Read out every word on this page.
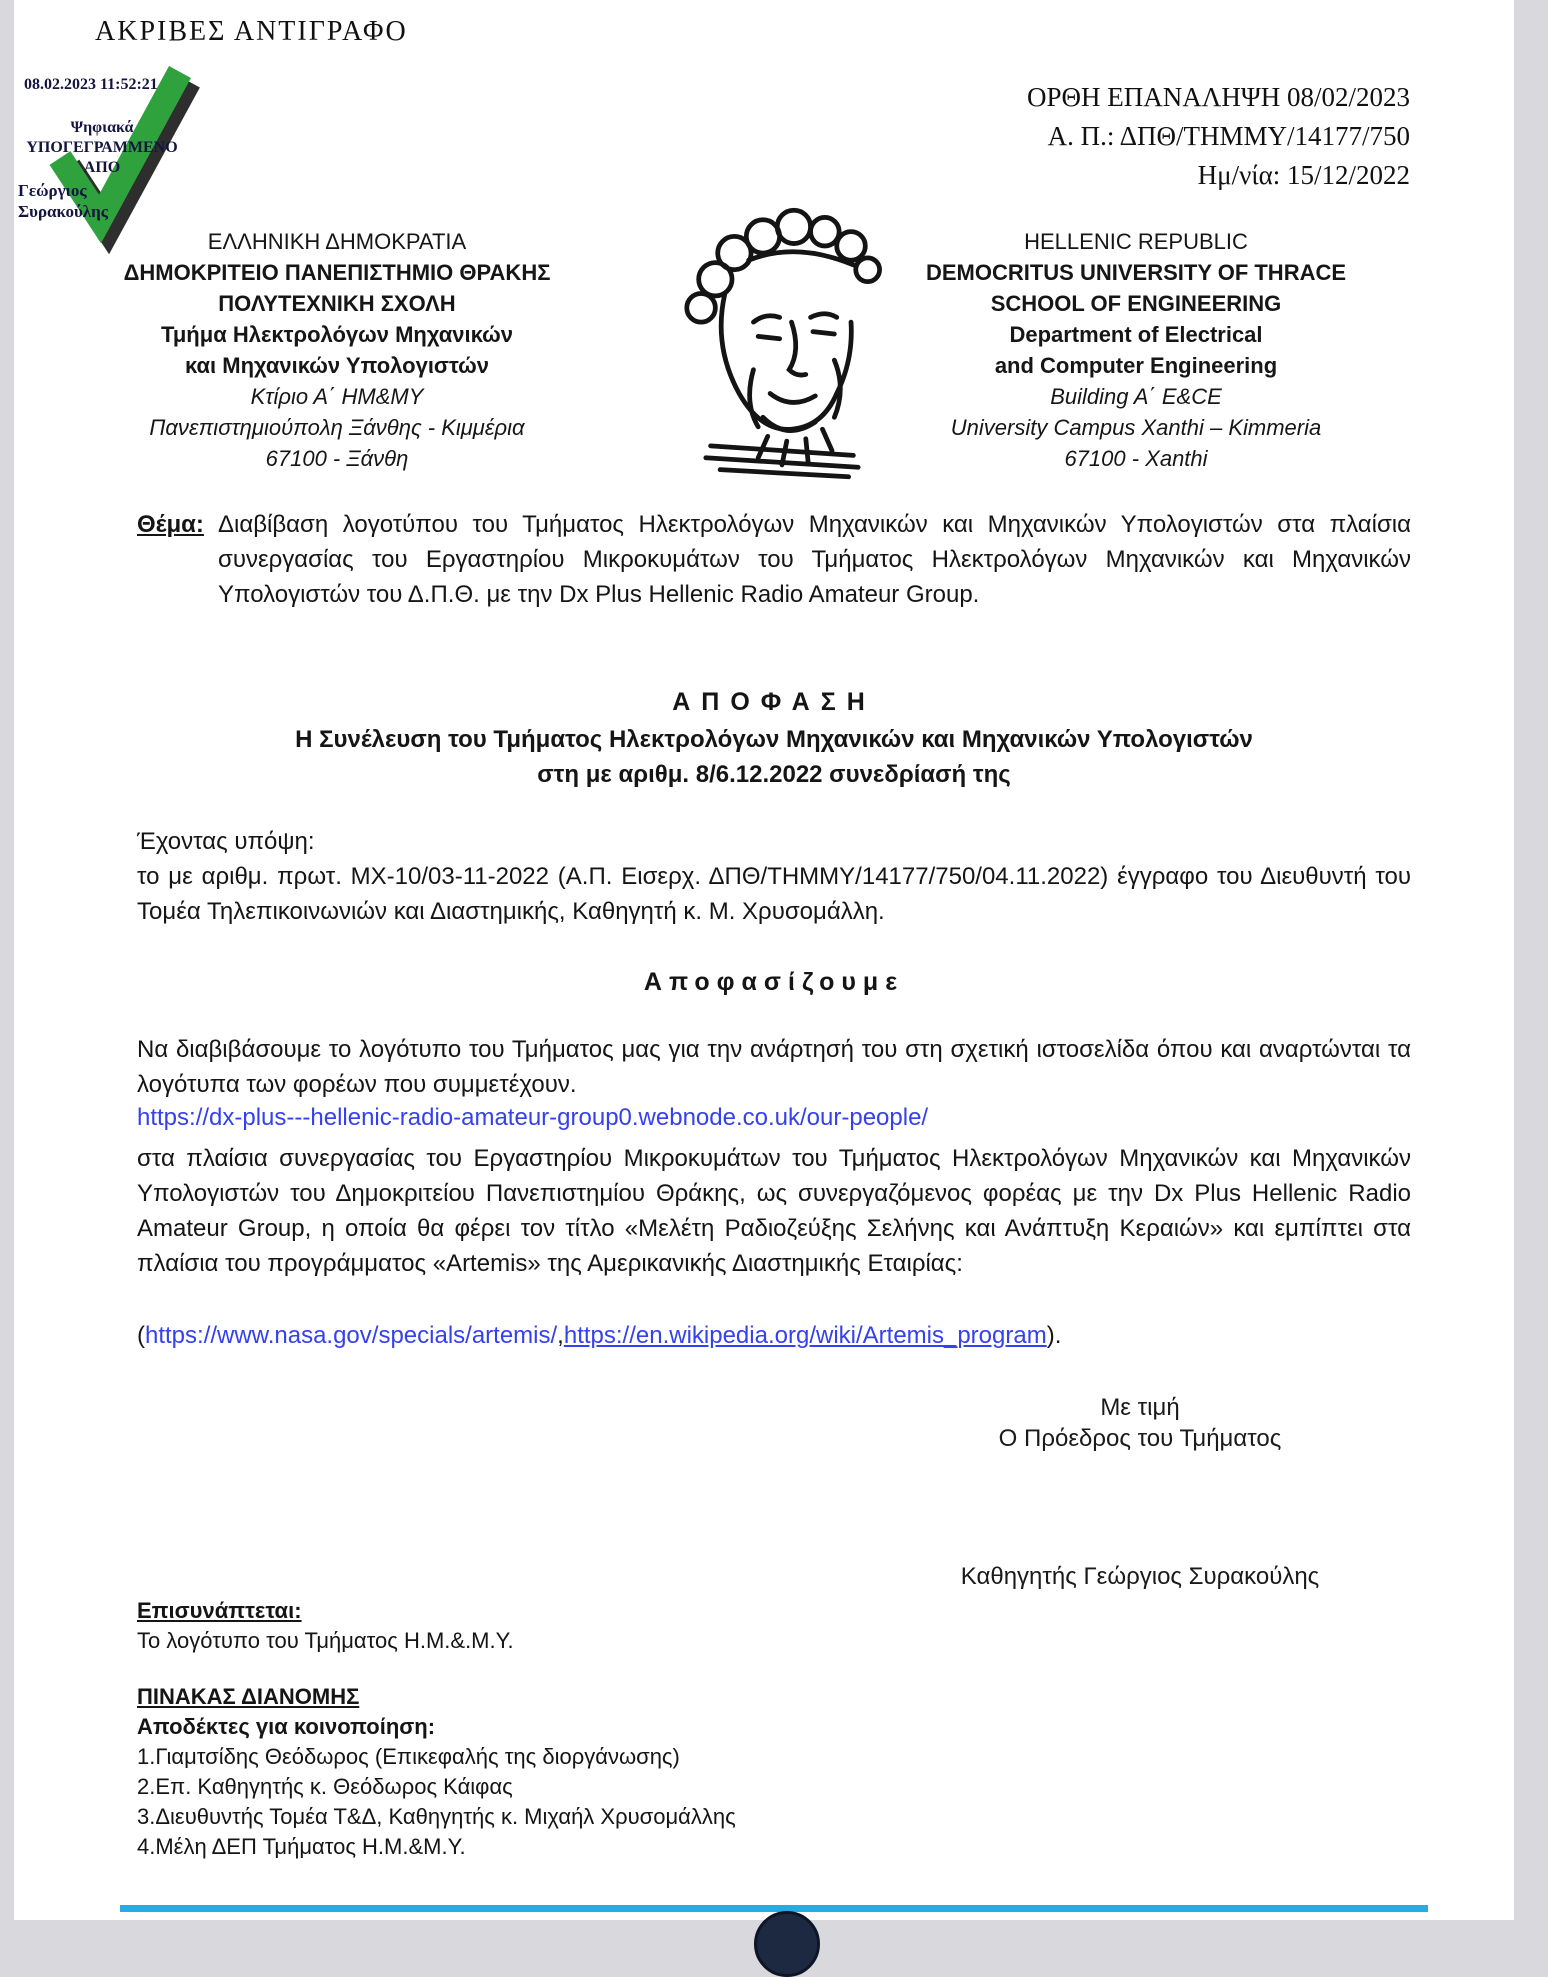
ΑΚΡΙΒΕΣ ΑΝΤΙΓΡΑΦΟ
08.02.2023 11:52:21
Ψηφιακά
ΥΠΟΓΕΓΡΑΜΜΕΝΟ
ΑΠΟ
Γεώργιος
Συρακούλης
ΟΡΘΗ ΕΠΑΝΑΛΗΨΗ 08/02/2023
Α. Π.: ΔΠΘ/ΤΗΜΜΥ/14177/750
Ημ/νία: 15/12/2022
ΕΛΛΗΝΙΚΗ ΔΗΜΟΚΡΑΤΙΑ
ΔΗΜΟΚΡΙΤΕΙΟ ΠΑΝΕΠΙΣΤΗΜΙΟ ΘΡΑΚΗΣ
ΠΟΛΥΤΕΧΝΙΚΗ ΣΧΟΛΗ
Τμήμα Ηλεκτρολόγων Μηχανικών
και Μηχανικών Υπολογιστών
Κτίριο Α΄ ΗΜ&ΜΥ
Πανεπιστημιούπολη Ξάνθης - Κιμμέρια
67100 - Ξάνθη
HELLENIC REPUBLIC
DEMOCRITUS UNIVERSITY OF THRACE
SCHOOL OF ENGINEERING
Department of Electrical
and Computer Engineering
Building A΄ E&CE
University Campus Xanthi – Kimmeria
67100 - Xanthi
Θέμα: Διαβίβαση λογοτύπου του Τμήματος Ηλεκτρολόγων Μηχανικών και Μηχανικών Υπολογιστών στα πλαίσια συνεργασίας του Εργαστηρίου Μικροκυμάτων του Τμήματος Ηλεκτρολόγων Μηχανικών και Μηχανικών Υπολογιστών του Δ.Π.Θ. με την Dx Plus Hellenic Radio Amateur Group.
ΑΠΟΦΑΣΗ
Η Συνέλευση του Τμήματος Ηλεκτρολόγων Μηχανικών και Μηχανικών Υπολογιστών
στη με αριθμ. 8/6.12.2022 συνεδρίασή της
Έχοντας υπόψη:
το με αριθμ. πρωτ. ΜΧ-10/03-11-2022 (Α.Π. Εισερχ. ΔΠΘ/ΤΗΜΜΥ/14177/750/04.11.2022) έγγραφο του Διευθυντή του Τομέα Τηλεπικοινωνιών και Διαστημικής, Καθηγητή κ. Μ. Χρυσομάλλη.
Αποφασίζουμε
Να διαβιβάσουμε το λογότυπο του Τμήματος μας για την ανάρτησή του στη σχετική ιστοσελίδα όπου και αναρτώνται τα λογότυπα των φορέων που συμμετέχουν.
https://dx-plus---hellenic-radio-amateur-group0.webnode.co.uk/our-people/
στα πλαίσια συνεργασίας του Εργαστηρίου Μικροκυμάτων του Τμήματος Ηλεκτρολόγων Μηχανικών και Μηχανικών Υπολογιστών του Δημοκριτείου Πανεπιστημίου Θράκης, ως συνεργαζόμενος φορέας με την Dx Plus Hellenic Radio Amateur Group, η οποία θα φέρει τον τίτλο «Μελέτη Ραδιοζεύξης Σελήνης και Ανάπτυξη Κεραιών» και εμπίπτει στα πλαίσια του προγράμματος «Artemis» της Αμερικανικής Διαστημικής Εταιρίας:
(https://www.nasa.gov/specials/artemis/,https://en.wikipedia.org/wiki/Artemis_program).
Με τιμή
Ο Πρόεδρος του Τμήματος
Καθηγητής Γεώργιος Συρακούλης
Επισυνάπτεται:
Το λογότυπο του Τμήματος Η.Μ.&.Μ.Υ.
ΠΙΝΑΚΑΣ ΔΙΑΝΟΜΗΣ
Αποδέκτες για κοινοποίηση:
1.Γιαμτσίδης Θεόδωρος (Επικεφαλής της διοργάνωσης)
2.Επ. Καθηγητής κ. Θεόδωρος Κάιφας
3.Διευθυντής Τομέα Τ&Δ, Καθηγητής κ. Μιχαήλ Χρυσομάλλης
4.Μέλη ΔΕΠ Τμήματος Η.Μ.&Μ.Υ.
